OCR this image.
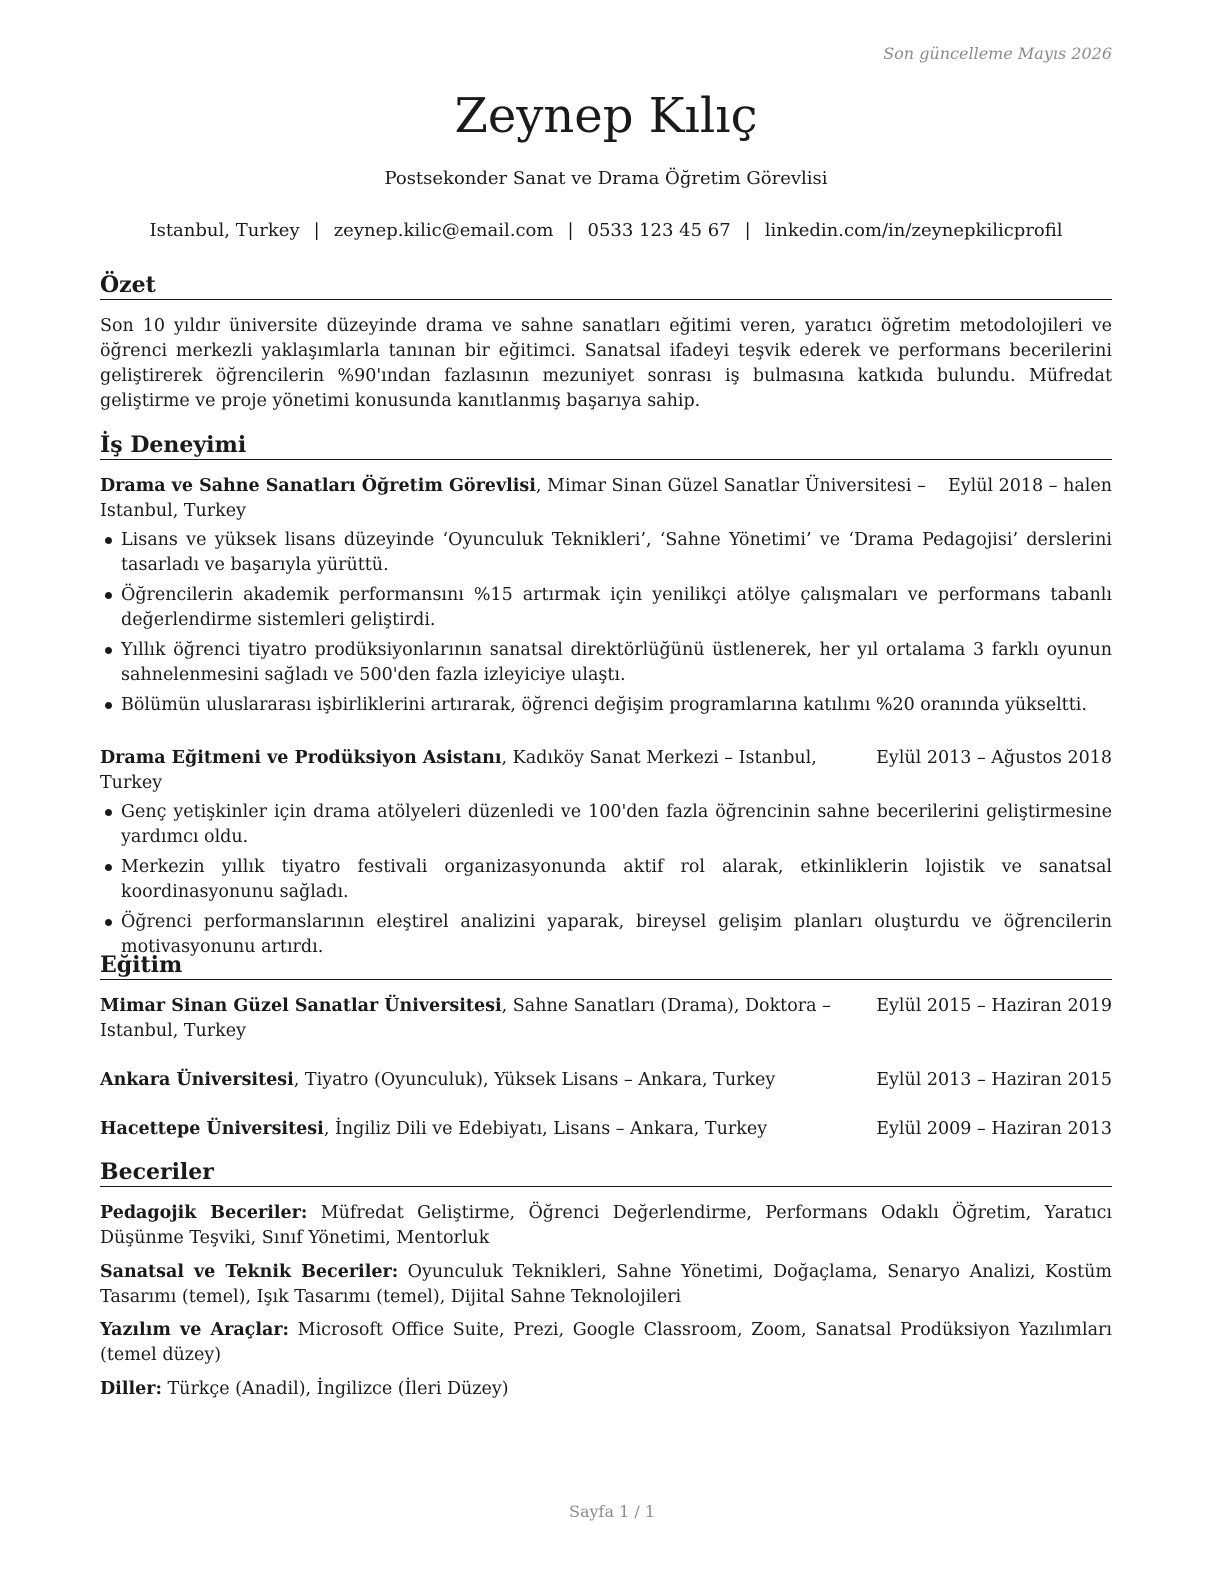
Son güncelleme Mayıs 2026
Zeynep Kılıç
Postsekonder Sanat ve Drama Öğretim Görevlisi
Istanbul, Turkey | zeynep.kilic@email.com | 0533 123 45 67 | linkedin.com/in/zeynepkilicprofil
Özet
Son 10 yıldır üniversite düzeyinde drama ve sahne sanatları eğitimi veren, yaratıcı öğretim metodolojileri ve öğrenci merkezli yaklaşımlarla tanınan bir eğitimci. Sanatsal ifadeyi teşvik ederek ve performans becerilerini geliştirerek öğrencilerin %90'ından fazlasının mezuniyet sonrası iş bulmasına katkıda bulundu. Müfredat geliştirme ve proje yönetimi konusunda kanıtlanmış başarıya sahip.
İş Deneyimi
Drama ve Sahne Sanatları Öğretim Görevlisi, Mimar Sinan Güzel Sanatlar Üniversitesi – Istanbul, Turkey
Eylül 2018 – halen
Lisans ve yüksek lisans düzeyinde ‘Oyunculuk Teknikleri’, ‘Sahne Yönetimi’ ve ‘Drama Pedagojisi’ derslerini tasarladı ve başarıyla yürüttü.
Öğrencilerin akademik performansını %15 artırmak için yenilikçi atölye çalışmaları ve performans tabanlı değerlendirme sistemleri geliştirdi.
Yıllık öğrenci tiyatro prodüksiyonlarının sanatsal direktörlüğünü üstlenerek, her yıl ortalama 3 farklı oyunun sahnelenmesini sağladı ve 500'den fazla izleyiciye ulaştı.
Bölümün uluslararası işbirliklerini artırarak, öğrenci değişim programlarına katılımı %20 oranında yükseltti.
Drama Eğitmeni ve Prodüksiyon Asistanı, Kadıköy Sanat Merkezi – Istanbul, Turkey
Eylül 2013 – Ağustos 2018
Genç yetişkinler için drama atölyeleri düzenledi ve 100'den fazla öğrencinin sahne becerilerini geliştirmesine yardımcı oldu.
Merkezin yıllık tiyatro festivali organizasyonunda aktif rol alarak, etkinliklerin lojistik ve sanatsal koordinasyonunu sağladı.
Öğrenci performanslarının eleştirel analizini yaparak, bireysel gelişim planları oluşturdu ve öğrencilerin motivasyonunu artırdı.
Eğitim
Mimar Sinan Güzel Sanatlar Üniversitesi, Sahne Sanatları (Drama), Doktora – Istanbul, Turkey
Eylül 2015 – Haziran 2019
Ankara Üniversitesi, Tiyatro (Oyunculuk), Yüksek Lisans – Ankara, Turkey	Eylül 2013 – Haziran 2015
Hacettepe Üniversitesi, İngiliz Dili ve Edebiyatı, Lisans – Ankara, Turkey	Eylül 2009 – Haziran 2013
Beceriler
Pedagojik Beceriler: Müfredat Geliştirme, Öğrenci Değerlendirme, Performans Odaklı Öğretim, Yaratıcı Düşünme Teşviki, Sınıf Yönetimi, Mentorluk
Sanatsal ve Teknik Beceriler: Oyunculuk Teknikleri, Sahne Yönetimi, Doğaçlama, Senaryo Analizi, Kostüm Tasarımı (temel), Işık Tasarımı (temel), Dijital Sahne Teknolojileri
Yazılım ve Araçlar: Microsoft Office Suite, Prezi, Google Classroom, Zoom, Sanatsal Prodüksiyon Yazılımları (temel düzey)
Diller: Türkçe (Anadil), İngilizce (İleri Düzey)
Sayfa 1 / 1
